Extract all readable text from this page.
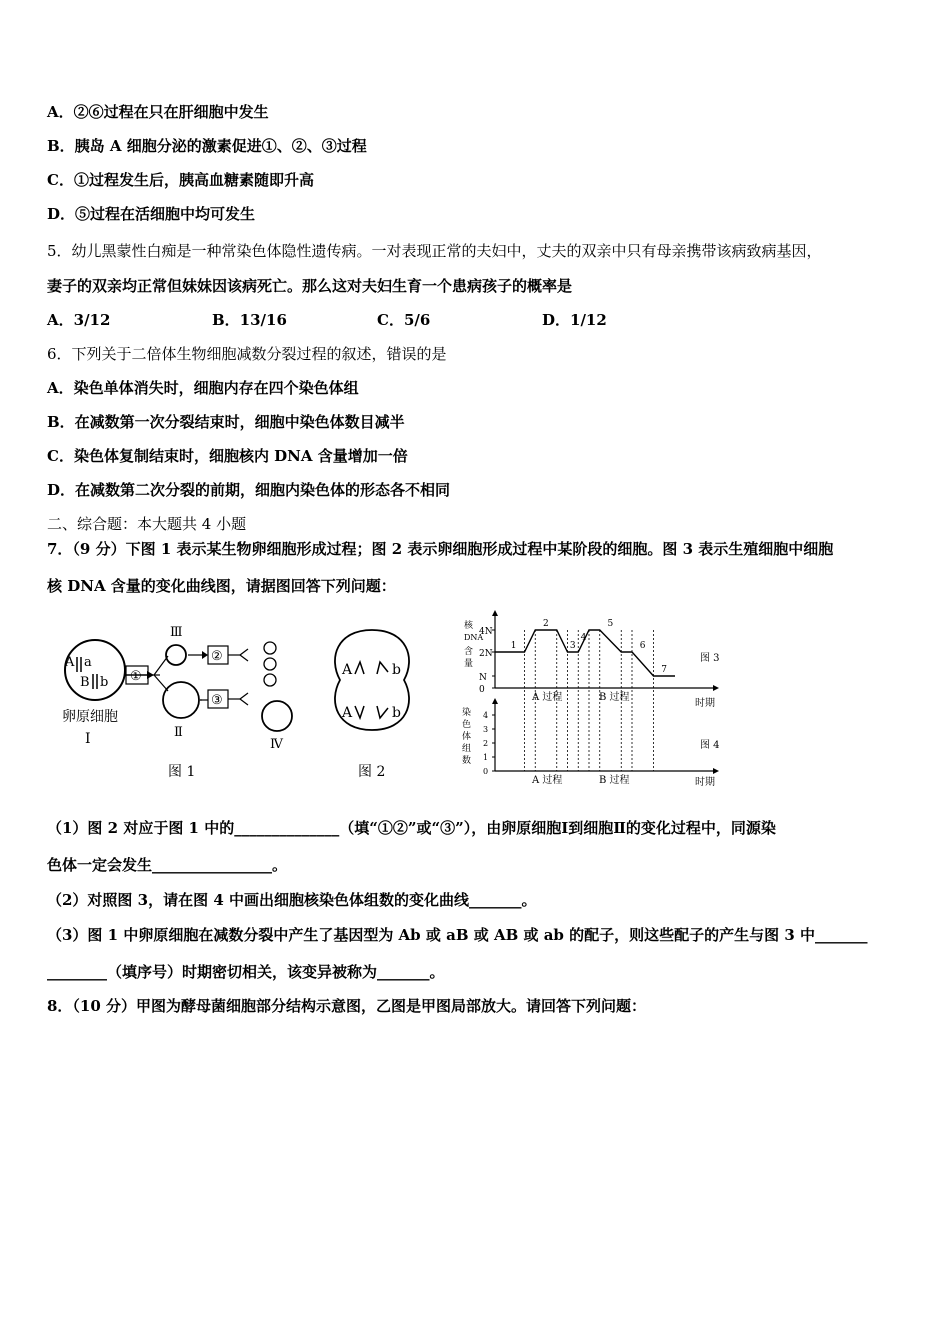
A．②⑥过程在只在肝细胞中发生
B．胰岛 A 细胞分泌的激素促进①、②、③过程
C．①过程发生后，胰高血糖素随即升高
D．⑤过程在活细胞中均可发生
5．幼儿黑蒙性白痴是一种常染色体隐性遗传病。一对表现正常的夫妇中，丈夫的双亲中只有母亲携带该病致病基因，
妻子的双亲均正常但妹妹因该病死亡。那么这对夫妇生育一个患病孩子的概率是
A．3/12	B．13/16	C．5/6	D．1/12
6．下列关于二倍体生物细胞减数分裂过程的叙述，错误的是
A．染色单体消失时，细胞内存在四个染色体组
B．在减数第一次分裂结束时，细胞中染色体数目减半
C．染色体复制结束时，细胞核内 DNA 含量增加一倍
D．在减数第二次分裂的前期，细胞内染色体的形态各不相同
二、综合题：本大题共 4 小题
7．（9 分）下图 1 表示某生物卵细胞形成过程；图 2 表示卵细胞形成过程中某阶段的细胞。图 3 表示生殖细胞中细胞
核 DNA 含量的变化曲线图，请据图回答下列问题：
A a
B b
卵原细胞
Ⅰ
①
Ⅲ
Ⅱ
②
③
Ⅳ
图 1
A	b
A	b
图 2
核
DNA
含
量
0
N
2N
4N
1
2
3
4
5
6
7
图 3
A 过程	B 过程
时期
染
色
体
组
数
0
1
2
3
4
图 4
A 过程	B 过程	时期
（1）图 2 对应于图 1 中的______________（填“①②”或“③”），由卵原细胞Ⅰ到细胞Ⅱ的变化过程中，同源染
色体一定会发生________________。
（2）对照图 3，请在图 4 中画出细胞核染色体组数的变化曲线_______。
（3）图 1 中卵原细胞在减数分裂中产生了基因型为 Ab 或 aB 或 AB 或 ab 的配子，则这些配子的产生与图 3 中_______
________（填序号）时期密切相关，该变异被称为_______。
8．（10 分）甲图为酵母菌细胞部分结构示意图，乙图是甲图局部放大。请回答下列问题：
